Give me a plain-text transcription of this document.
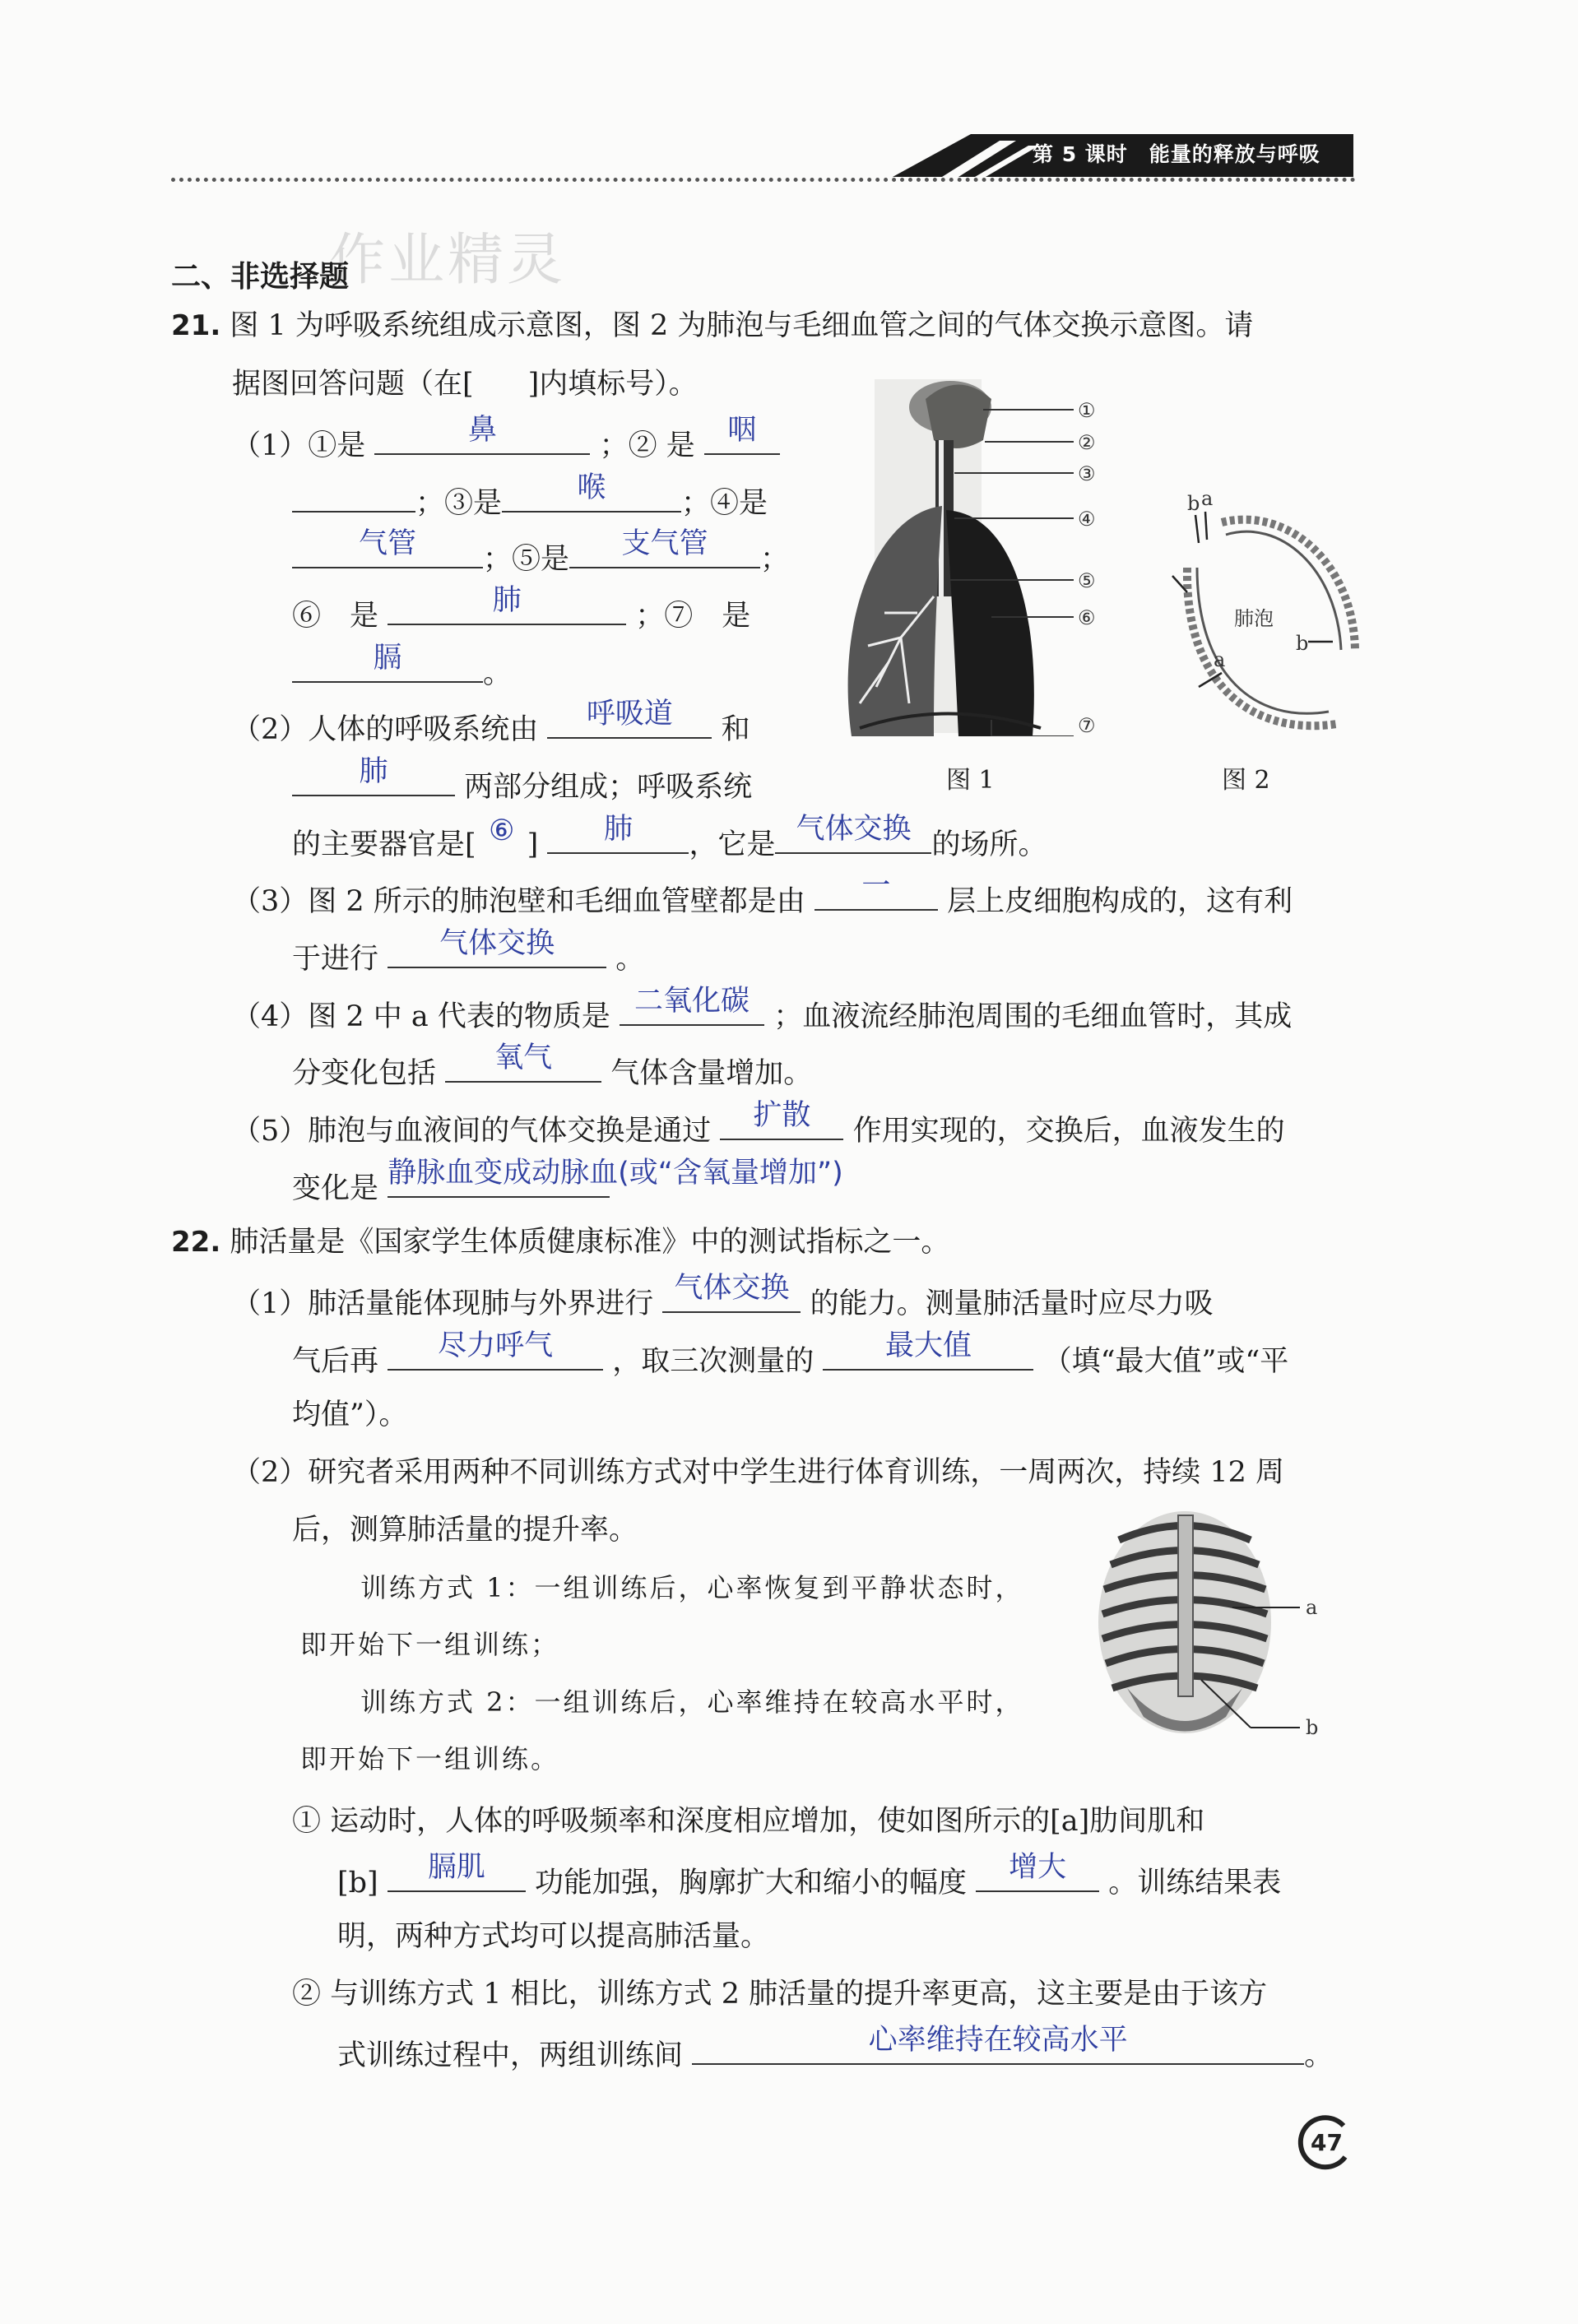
第 5 课时　能量的释放与呼吸
作业精灵
二、非选择题
21. 图 1 为呼吸系统组成示意图，图 2 为肺泡与毛细血管之间的气体交换示意图。请
据图回答问题（在[ ]内填标号）。
（1）①是	鼻	；② 是	咽
；③是	喉	；④是
气管	；⑤是	支气管	；
⑥　是	肺	；⑦　是
膈	。
（2）人体的呼吸系统由	呼吸道	和
肺	两部分组成；呼吸系统
的主要器官是[ ⑥ ]	肺	，它是 气体交换 的场所。
（3）图 2 所示的肺泡壁和毛细血管壁都是由	一	层上皮细胞构成的，这有利
于进行	气体交换	。
（4）图 2 中 a 代表的物质是 二氧化碳 ；血液流经肺泡周围的毛细血管时，其成
分变化包括	氧气	气体含量增加。
（5）肺泡与血液间的气体交换是通过	扩散	作用实现的，交换后，血液发生的
变化是 静脉血变成动脉血(或“含氧量增加”)
①
②
③
④
⑤
⑥
⑦
图 1
肺泡
b a
b
a
图 2
22. 肺活量是《国家学生体质健康标准》中的测试指标之一。
（1）肺活量能体现肺与外界进行 气体交换 的能力。测量肺活量时应尽力吸
气后再	尽力呼气	，取三次测量的	最大值	（填“最大值”或“平
均值”）。
（2）研究者采用两种不同训练方式对中学生进行体育训练，一周两次，持续 12 周
后，测算肺活量的提升率。
训练方式 1：一组训练后，心率恢复到平静状态时，
即开始下一组训练；
训练方式 2：一组训练后，心率维持在较高水平时，
即开始下一组训练。
a
b
① 运动时，人体的呼吸频率和深度相应增加，使如图所示的[a]肋间肌和
[b]	膈肌	功能加强，胸廓扩大和缩小的幅度	增大	。训练结果表
明，两种方式均可以提高肺活量。
② 与训练方式 1 相比，训练方式 2 肺活量的提升率更高，这主要是由于该方
式训练过程中，两组训练间	心率维持在较高水平	。
47
